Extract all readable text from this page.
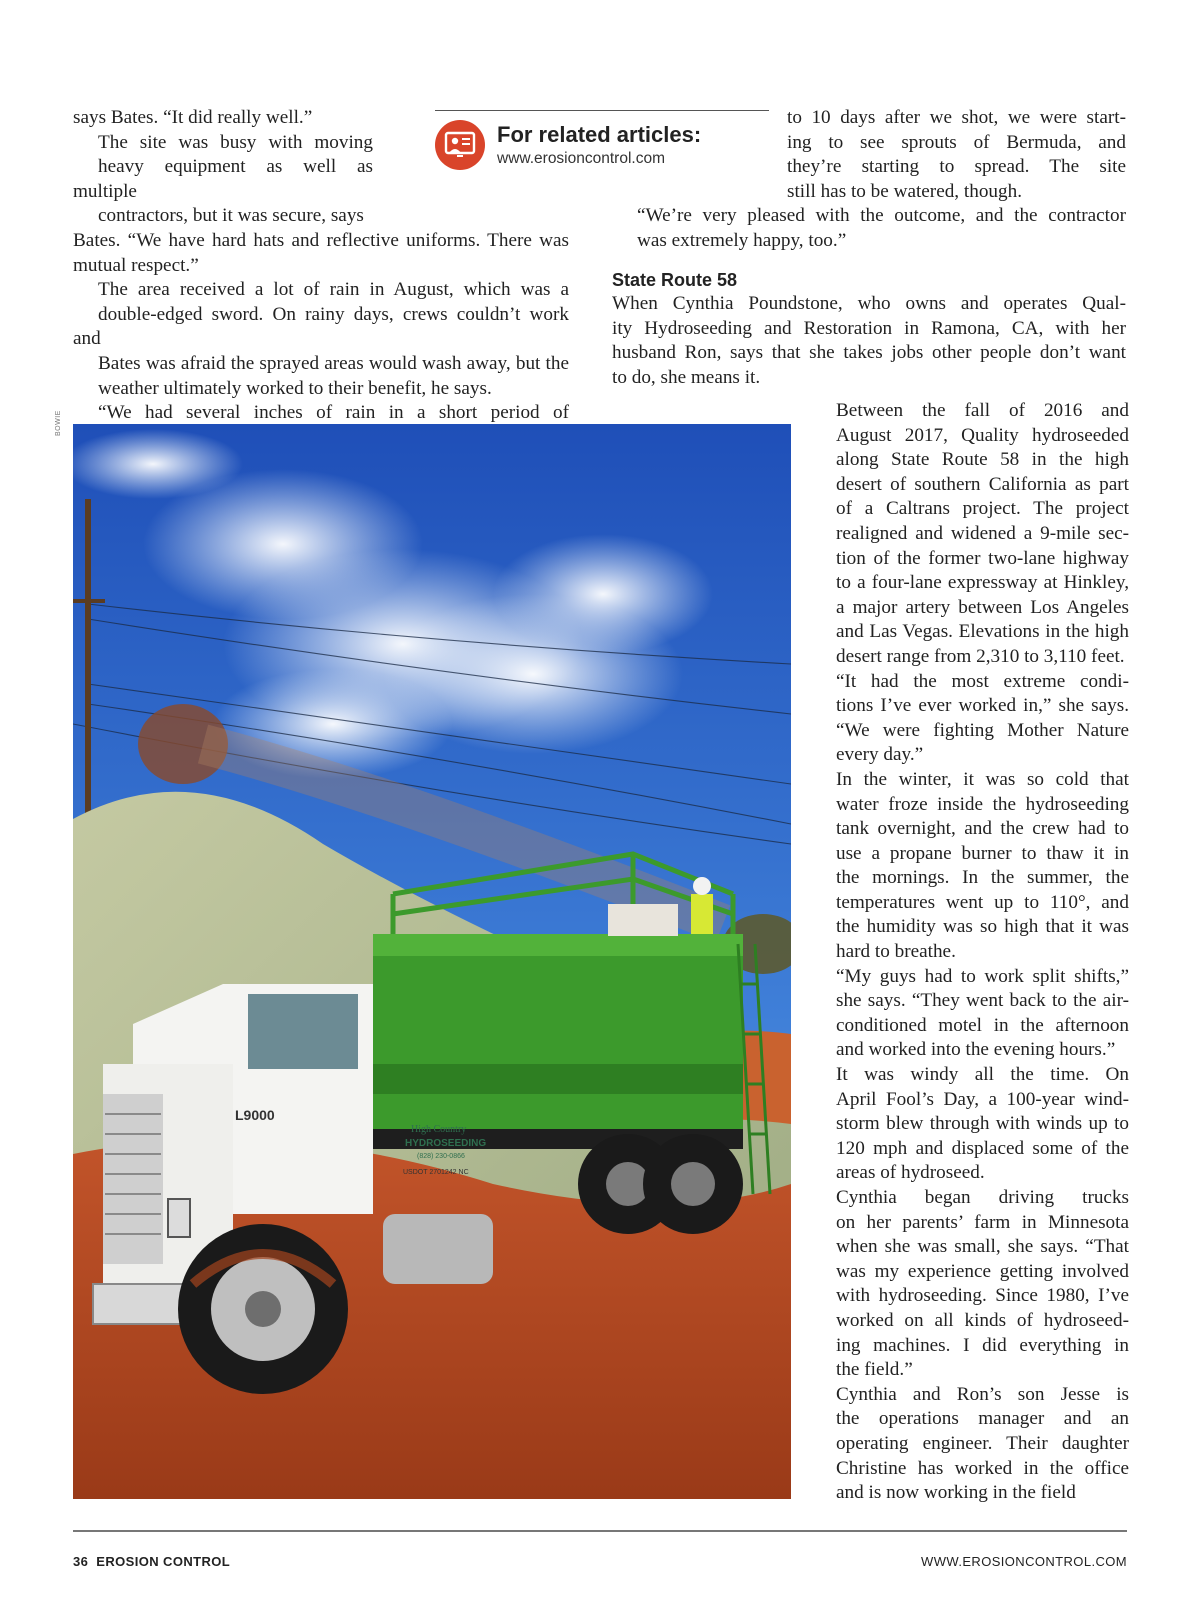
says Bates. “It did really well.”

The site was busy with moving
heavy equipment as well as multiple
contractors, but it was secure, says

Bates. “We have hard hats and reflective uniforms. There was
mutual respect.”

The area received a lot of rain in August, which was a
double-edged sword. On rainy days, crews couldn’t work and
Bates was afraid the sprayed areas would wash away, but the
weather ultimately worked to their benefit, he says.

“We had several inches of rain in a short period of

For related articles:
www.erosioncontrol.com

to 10 days after we shot, we were start-
ing to see sprouts of Bermuda, and
they’re starting to spread. The site
still has to be watered, though.

“We’re very pleased with the outcome, and the contractor
was extremely happy, too.”

State Route 58

When Cynthia Poundstone, who owns and operates Qual-
ity Hydroseeding and Restoration in Ramona, CA, with her
husband Ron, says that she takes jobs other people don’t want
to do, she means it.

BOWIE
L9000
High Country
HYDROSEEDING
(828) 230-0866
USDOT 2701242 NC

Between the fall of 2016 and
August 2017, Quality hydroseeded
along State Route 58 in the high
desert of southern California as part
of a Caltrans project. The project
realigned and widened a 9-mile sec-
tion of the former two-lane highway
to a four-lane expressway at Hinkley,
a major artery between Los Angeles
and Las Vegas. Elevations in the high
desert range from 2,310 to 3,110 feet.

“It had the most extreme condi-
tions I’ve ever worked in,” she says.
“We were fighting Mother Nature
every day.”

In the winter, it was so cold that
water froze inside the hydroseeding
tank overnight, and the crew had to
use a propane burner to thaw it in
the mornings. In the summer, the
temperatures went up to 110°, and
the humidity was so high that it was
hard to breathe.

“My guys had to work split shifts,”
she says. “They went back to the air-
conditioned motel in the afternoon
and worked into the evening hours.”

It was windy all the time. On
April Fool’s Day, a 100-year wind-
storm blew through with winds up to
120 mph and displaced some of the
areas of hydroseed.

Cynthia began driving trucks
on her parents’ farm in Minnesota
when she was small, she says. “That
was my experience getting involved
with hydroseeding. Since 1980, I’ve
worked on all kinds of hydroseed-
ing machines. I did everything in
the field.”

Cynthia and Ron’s son Jesse is
the operations manager and an
operating engineer. Their daughter
Christine has worked in the office
and is now working in the field

36 EROSION CONTROL	WWW.EROSIONCONTROL.COM
